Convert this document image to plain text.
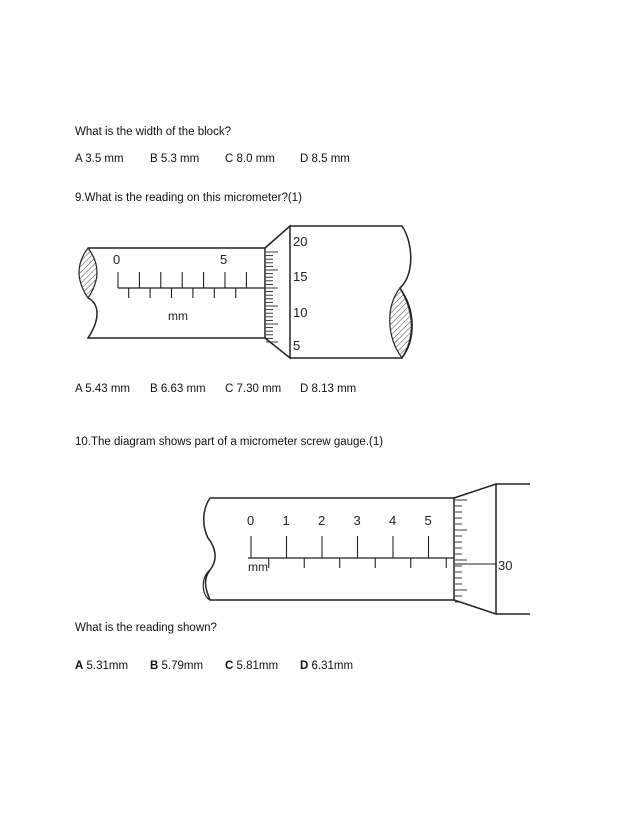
What is the width of the block?
A 3.5 mm B 5.3 mm C 8.0 mm D 8.5 mm
9.What is the reading on this micrometer?(1)
0	5
mm
20
15
10
5
A 5.43 mm B 6.63 mm C 7.30 mm D 8.13 mm
10.The diagram shows part of a micrometer screw gauge.(1)
0 1 2 3 4 5
mm	30
What is the reading shown?
A 5.31mm B 5.79mm C 5.81mm D 6.31mm
